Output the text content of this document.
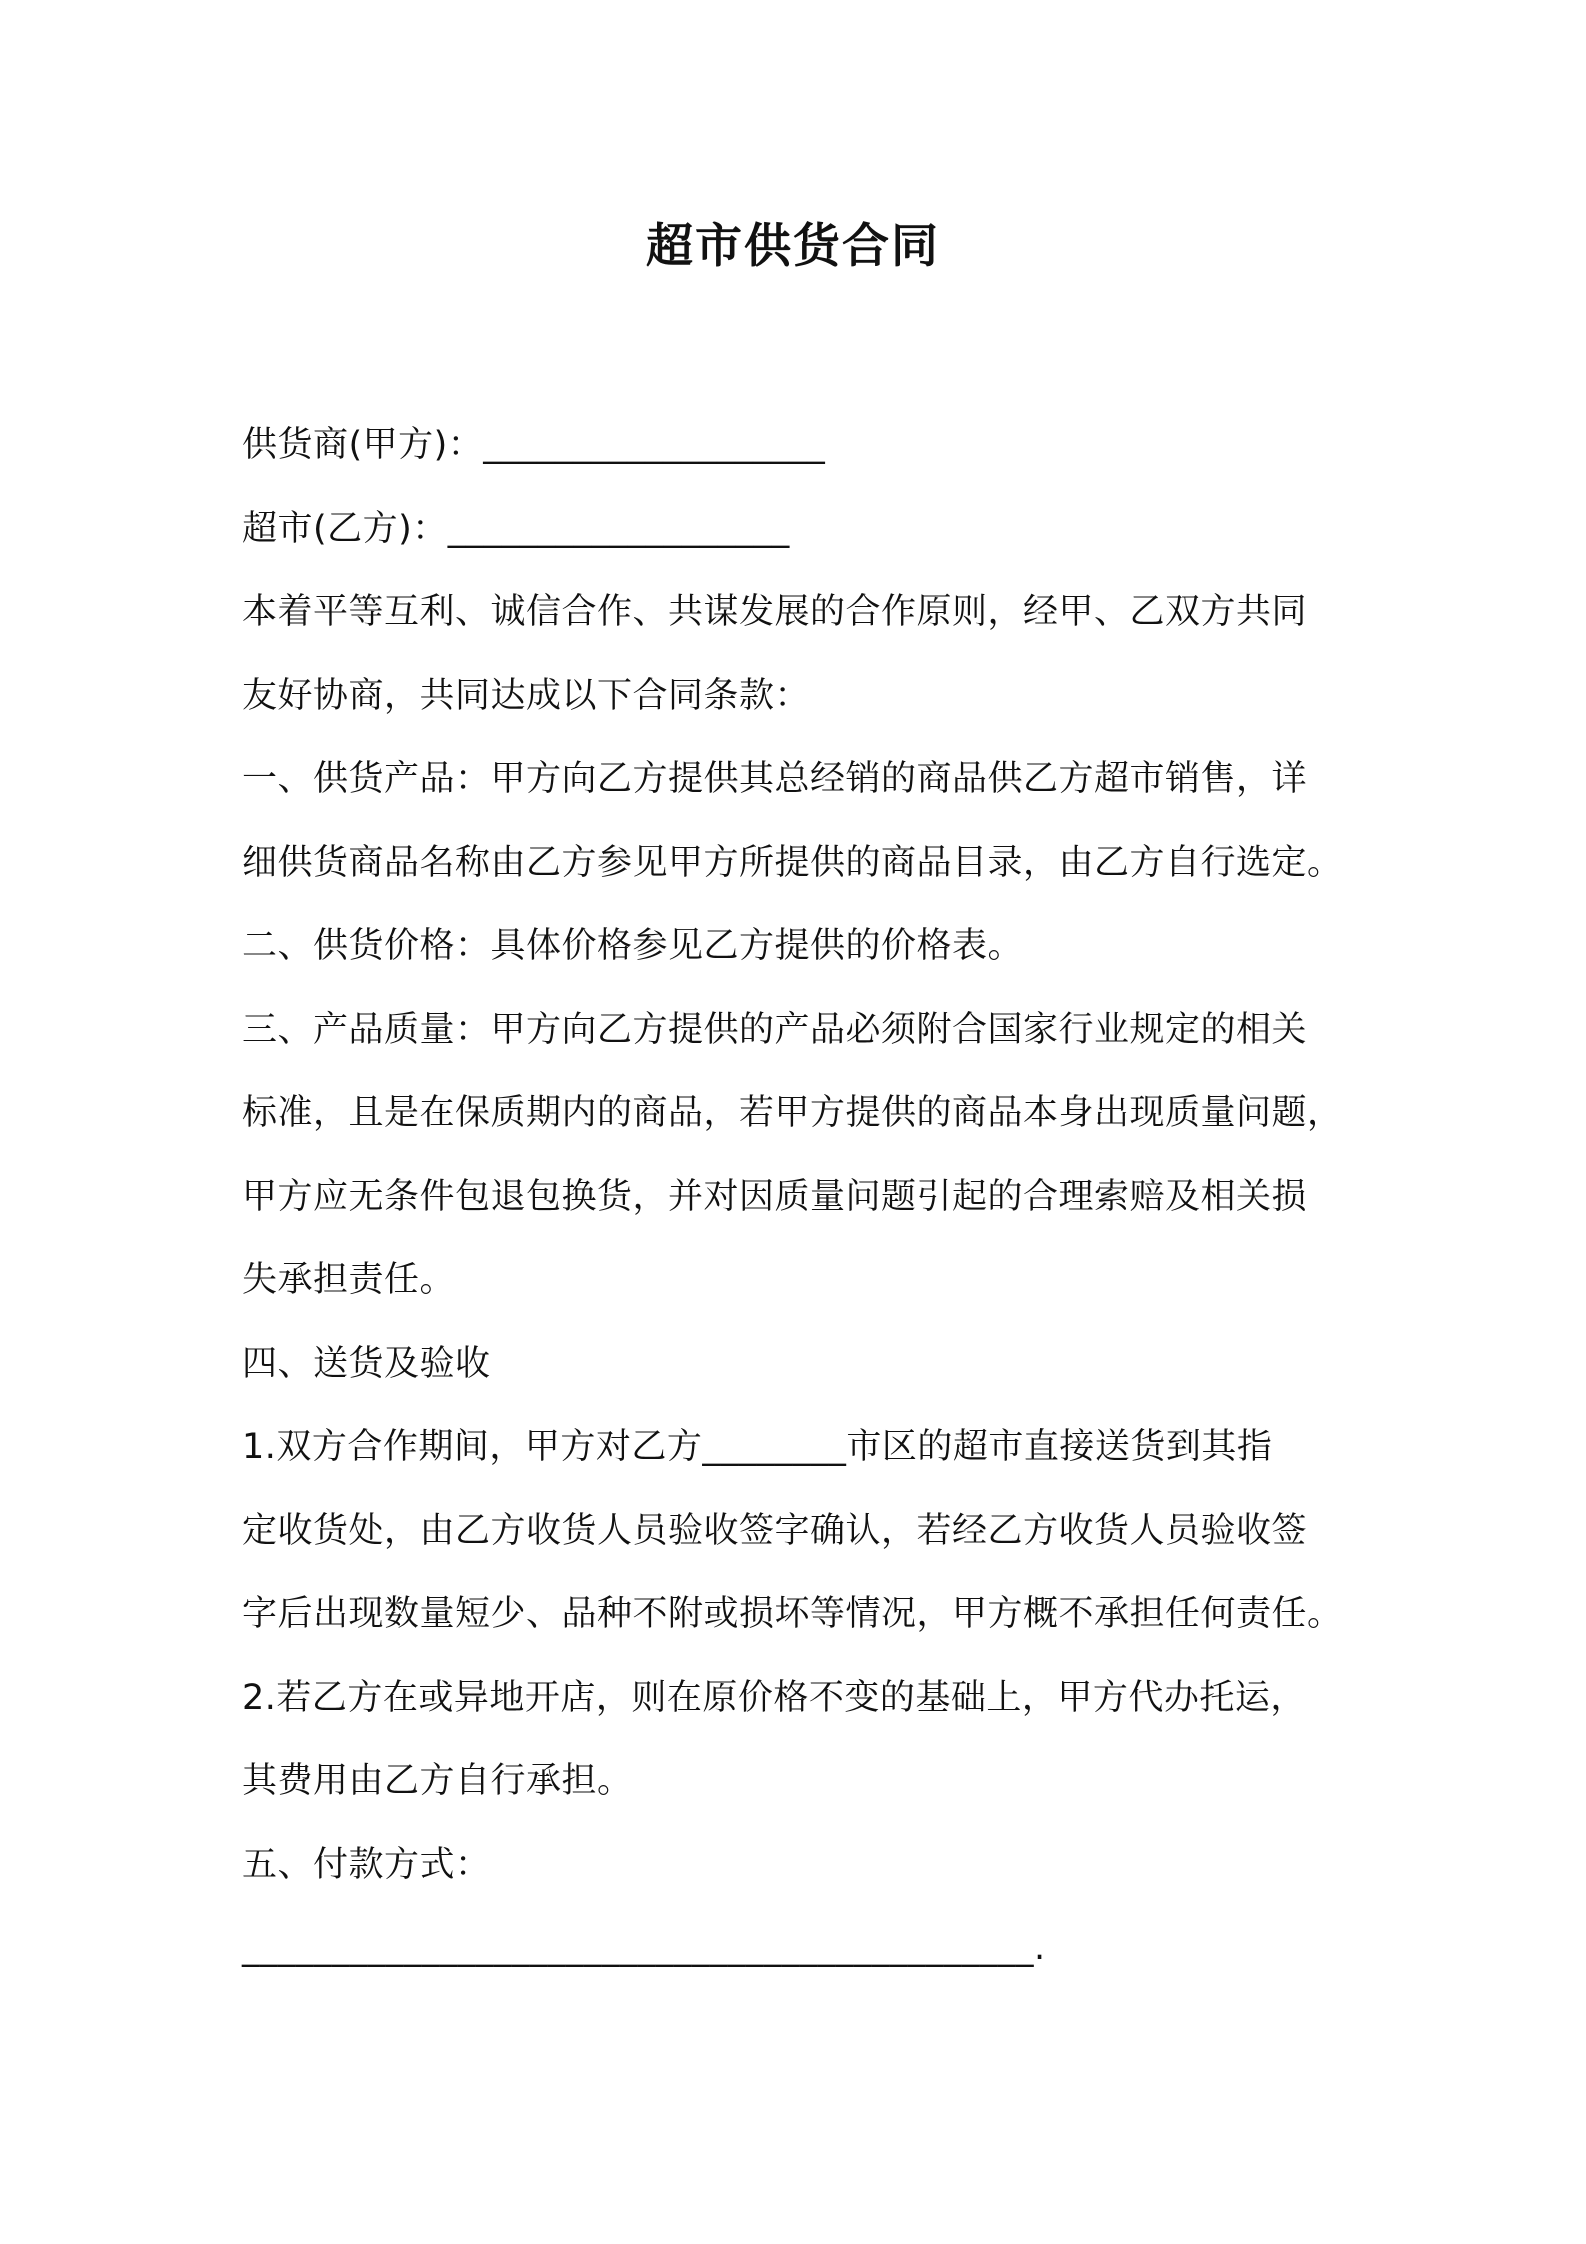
超市供货合同
供货商(甲方)：___________________
超市(乙方)：___________________
本着平等互利、诚信合作、共谋发展的合作原则，经甲、乙双方共同
友好协商，共同达成以下合同条款：
一、供货产品：甲方向乙方提供其总经销的商品供乙方超市销售，详
细供货商品名称由乙方参见甲方所提供的商品目录，由乙方自行选定。
二、供货价格：具体价格参见乙方提供的价格表。
三、产品质量：甲方向乙方提供的产品必须附合国家行业规定的相关
标准，且是在保质期内的商品，若甲方提供的商品本身出现质量问题，
甲方应无条件包退包换货，并对因质量问题引起的合理索赔及相关损
失承担责任。
四、送货及验收
1.双方合作期间，甲方对乙方________市区的超市直接送货到其指
定收货处，由乙方收货人员验收签字确认，若经乙方收货人员验收签
字后出现数量短少、品种不附或损坏等情况，甲方概不承担任何责任。
2.若乙方在或异地开店，则在原价格不变的基础上，甲方代办托运，
其费用由乙方自行承担。
五、付款方式：
____________________________________________.
